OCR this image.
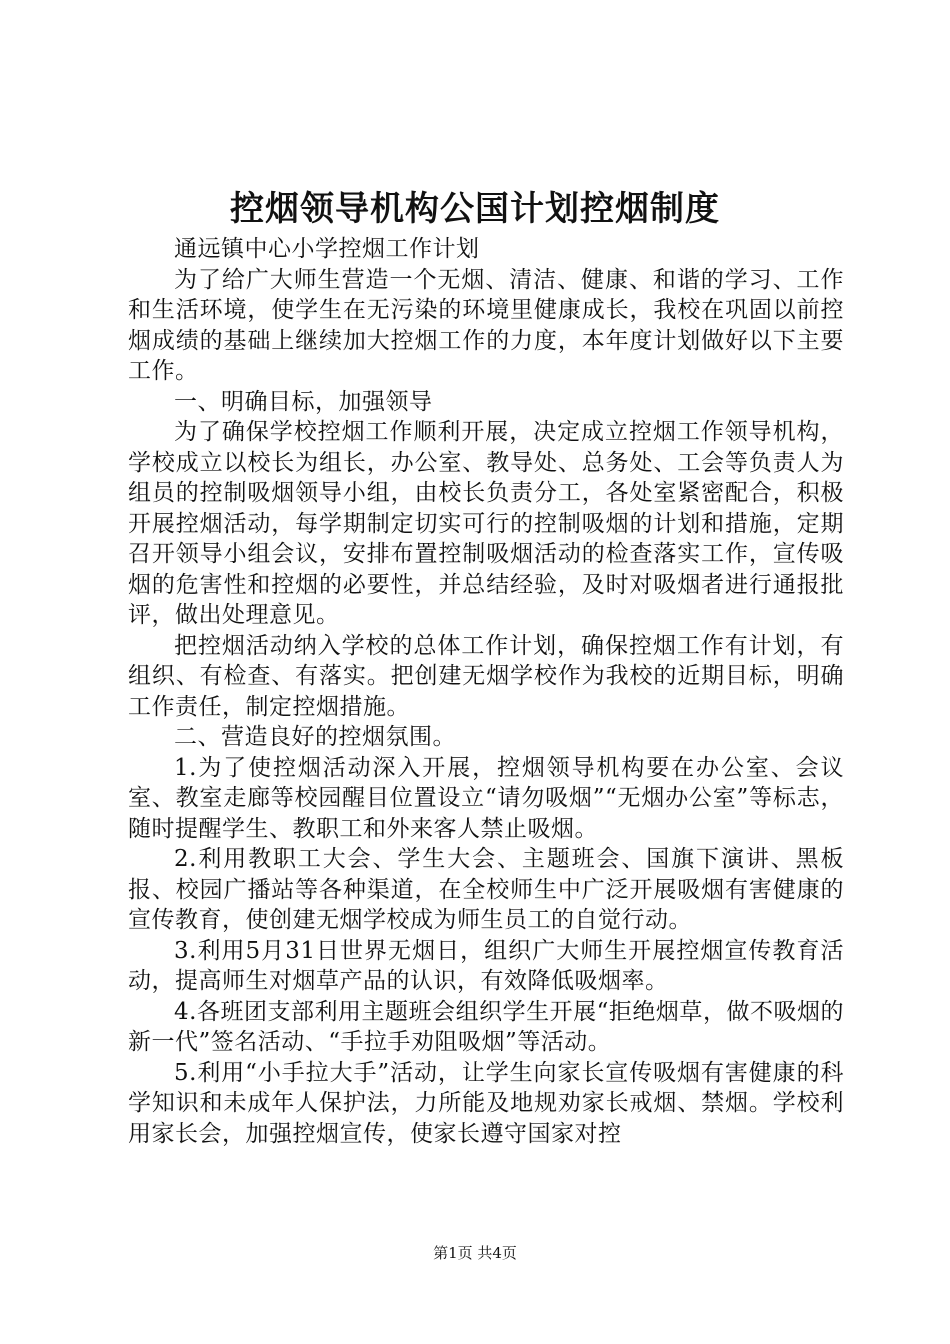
控烟领导机构公国计划控烟制度

通远镇中心小学控烟工作计划

为了给广大师生营造一个无烟、清洁、健康、和谐的学习、工作和生活环境，使学生在无污染的环境里健康成长，我校在巩固以前控烟成绩的基础上继续加大控烟工作的力度，本年度计划做好以下主要工作。

一、明确目标，加强领导

为了确保学校控烟工作顺利开展，决定成立控烟工作领导机构，学校成立以校长为组长，办公室、教导处、总务处、工会等负责人为组员的控制吸烟领导小组，由校长负责分工，各处室紧密配合，积极开展控烟活动，每学期制定切实可行的控制吸烟的计划和措施，定期召开领导小组会议，安排布置控制吸烟活动的检查落实工作，宣传吸烟的危害性和控烟的必要性，并总结经验，及时对吸烟者进行通报批评，做出处理意见。

把控烟活动纳入学校的总体工作计划，确保控烟工作有计划，有组织、有检查、有落实。把创建无烟学校作为我校的近期目标，明确工作责任，制定控烟措施。

二、营造良好的控烟氛围。

1.为了使控烟活动深入开展，控烟领导机构要在办公室、会议室、教室走廊等校园醒目位置设立“请勿吸烟”“无烟办公室”等标志，随时提醒学生、教职工和外来客人禁止吸烟。

2.利用教职工大会、学生大会、主题班会、国旗下演讲、黑板报、校园广播站等各种渠道，在全校师生中广泛开展吸烟有害健康的宣传教育，使创建无烟学校成为师生员工的自觉行动。

3.利用5月31日世界无烟日，组织广大师生开展控烟宣传教育活动，提高师生对烟草产品的认识，有效降低吸烟率。

4.各班团支部利用主题班会组织学生开展“拒绝烟草，做不吸烟的新一代”签名活动、“手拉手劝阻吸烟”等活动。

5.利用“小手拉大手”活动，让学生向家长宣传吸烟有害健康的科学知识和未成年人保护法，力所能及地规劝家长戒烟、禁烟。学校利用家长会，加强控烟宣传，使家长遵守国家对控

第1页 共4页
